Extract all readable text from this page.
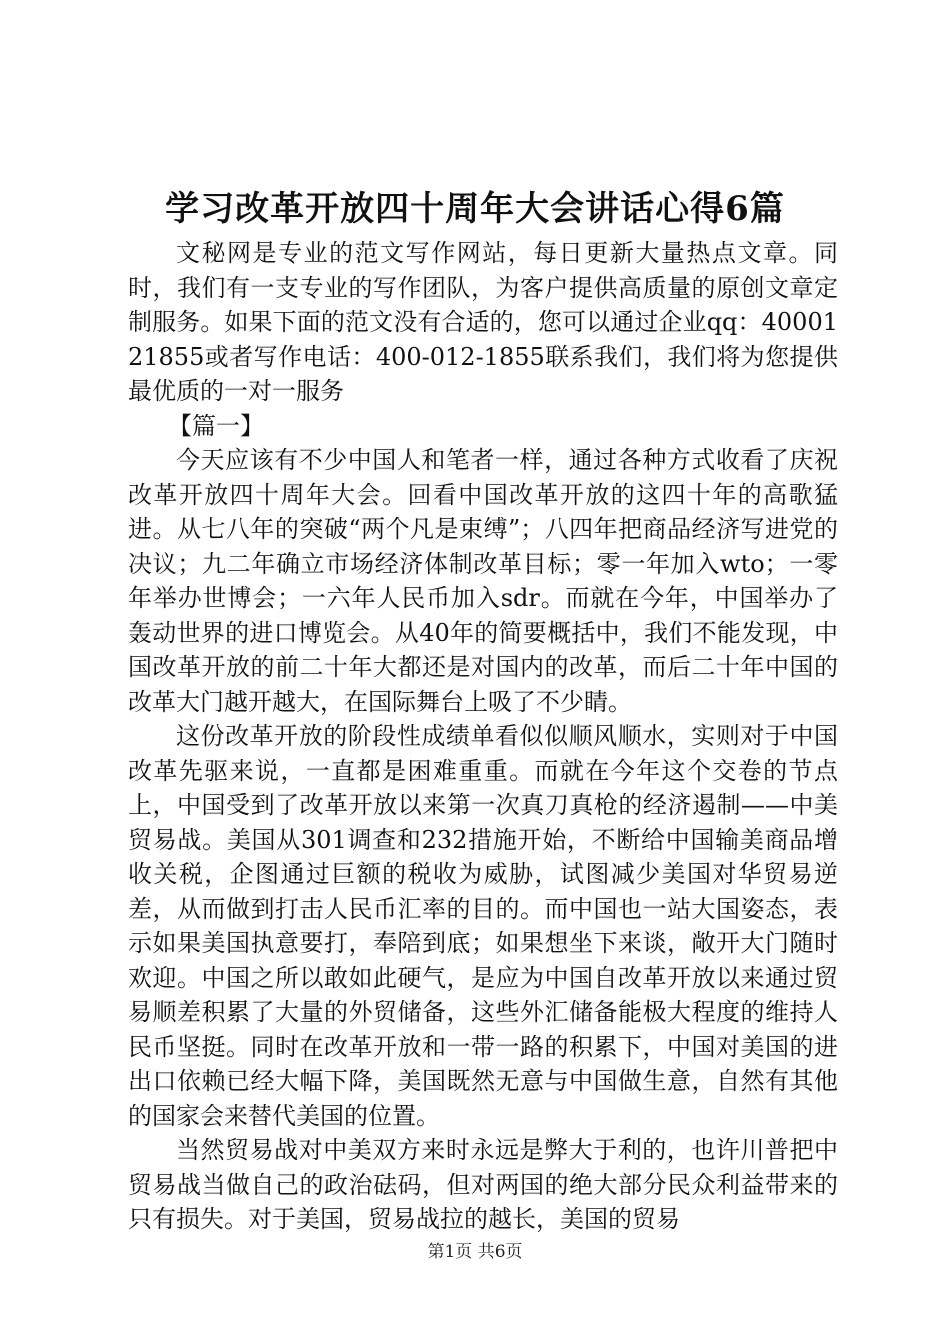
学习改革开放四十周年大会讲话心得6篇

文秘网是专业的范文写作网站，每日更新大量热点文章。同时，我们有一支专业的写作团队，为客户提供高质量的原创文章定制服务。如果下面的范文没有合适的，您可以通过企业qq：4000121855或者写作电话：400-012-1855联系我们，我们将为您提供最优质的一对一服务

【篇一】

今天应该有不少中国人和笔者一样，通过各种方式收看了庆祝改革开放四十周年大会。回看中国改革开放的这四十年的高歌猛进。从七八年的突破“两个凡是束缚”；八四年把商品经济写进党的决议；九二年确立市场经济体制改革目标；零一年加入wto；一零年举办世博会；一六年人民币加入sdr。而就在今年，中国举办了轰动世界的进口博览会。从40年的简要概括中，我们不能发现，中国改革开放的前二十年大都还是对国内的改革，而后二十年中国的改革大门越开越大，在国际舞台上吸了不少睛。

这份改革开放的阶段性成绩单看似似顺风顺水，实则对于中国改革先驱来说，一直都是困难重重。而就在今年这个交卷的节点上，中国受到了改革开放以来第一次真刀真枪的经济遏制——中美贸易战。美国从301调查和232措施开始，不断给中国输美商品增收关税，企图通过巨额的税收为威胁，试图减少美国对华贸易逆差，从而做到打击人民币汇率的目的。而中国也一站大国姿态，表示如果美国执意要打，奉陪到底；如果想坐下来谈，敞开大门随时欢迎。中国之所以敢如此硬气，是应为中国自改革开放以来通过贸易顺差积累了大量的外贸储备，这些外汇储备能极大程度的维持人民币坚挺。同时在改革开放和一带一路的积累下，中国对美国的进出口依赖已经大幅下降，美国既然无意与中国做生意，自然有其他的国家会来替代美国的位置。

当然贸易战对中美双方来时永远是弊大于利的，也许川普把中贸易战当做自己的政治砝码，但对两国的绝大部分民众利益带来的只有损失。对于美国，贸易战拉的越长，美国的贸易

第1页 共6页
